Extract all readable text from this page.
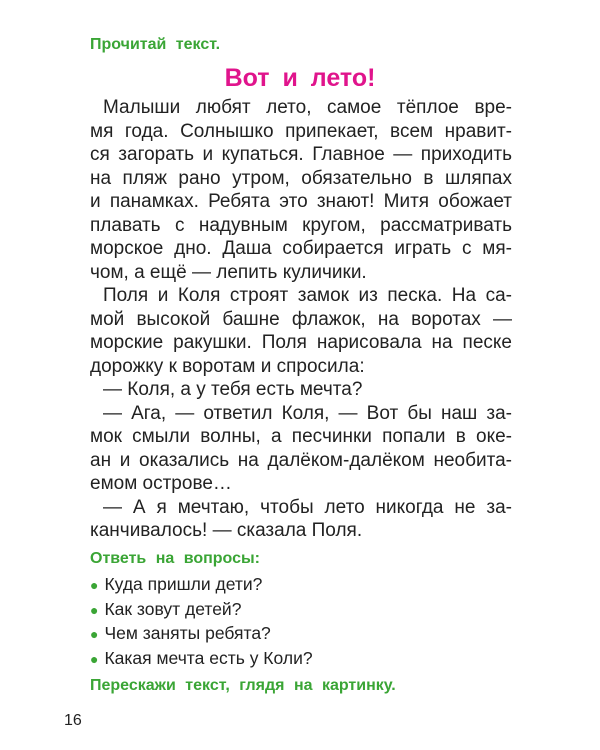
Прочитай текст.
Вот и лето!
Малыши любят лето, самое тёплое вре-
мя года. Солнышко припекает, всем нравит-
ся загорать и купаться. Главное — приходить
на пляж рано утром, обязательно в шляпах
и панамках. Ребята это знают! Митя обожает
плавать с надувным кругом, рассматривать
морское дно. Даша собирается играть с мя-
чом, а ещё — лепить куличики.
Поля и Коля строят замок из песка. На са-
мой высокой башне флажок, на воротах —
морские ракушки. Поля нарисовала на песке
дорожку к воротам и спросила:
— Коля, а у тебя есть мечта?
— Ага, — ответил Коля, — Вот бы наш за-
мок смыли волны, а песчинки попали в оке-
ан и оказались на далёком-далёком необита-
емом острове…
— А я мечтаю, чтобы лето никогда не за-
канчивалось! — сказала Поля.
Ответь на вопросы:
● Куда пришли дети?
● Как зовут детей?
● Чем заняты ребята?
● Какая мечта есть у Коли?
Перескажи текст, глядя на картинку.
16
